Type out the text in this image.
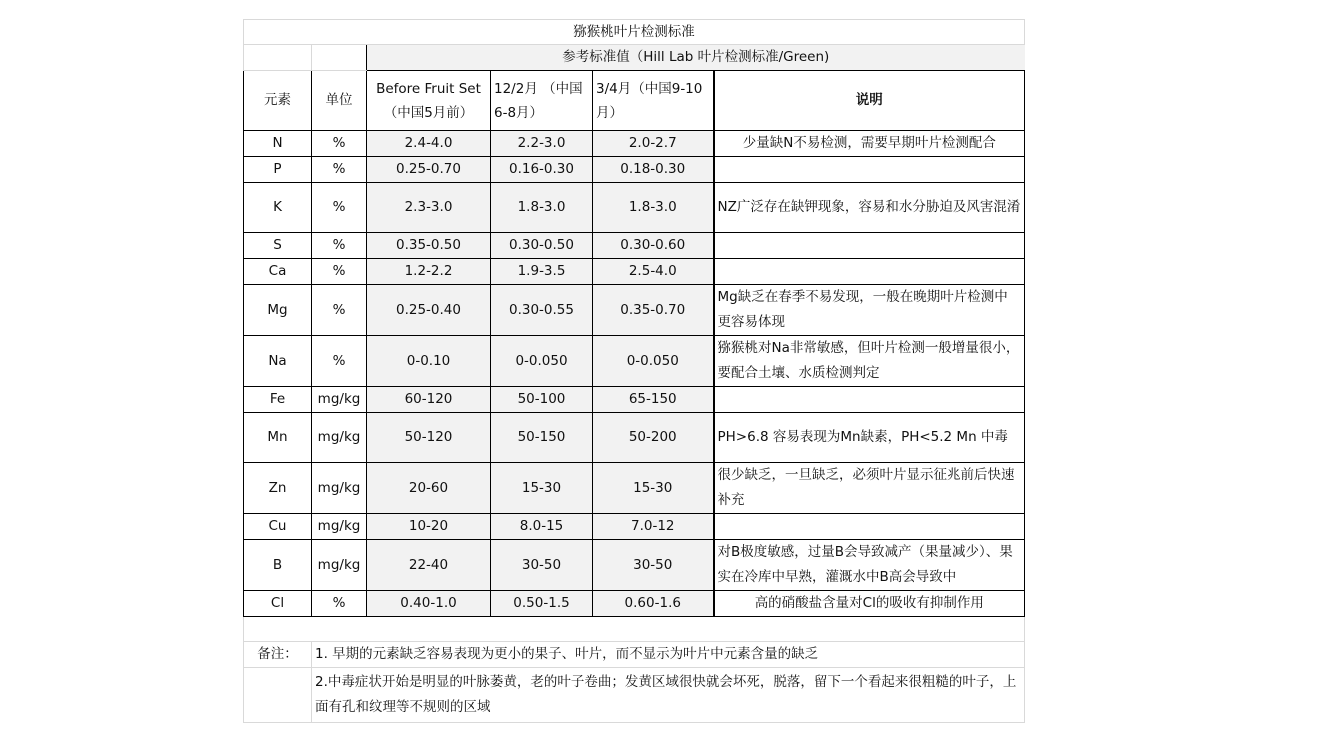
猕猴桃叶片检测标准					
		参考标准值（Hill Lab 叶片检测标准/Green)			
元素	单位	Before Fruit Set（中国5月前）	12/2月 （中国6-8月）	3/4月（中国9-10月）	说明
N	%	2.4-4.0	2.2-3.0	2.0-2.7	少量缺N不易检测，需要早期叶片检测配合
P	%	0.25-0.70	0.16-0.30	0.18-0.30	
K	%	2.3-3.0	1.8-3.0	1.8-3.0	NZ广泛存在缺钾现象，容易和水分胁迫及风害混淆
S	%	0.35-0.50	0.30-0.50	0.30-0.60	
Ca	%	1.2-2.2	1.9-3.5	2.5-4.0	
Mg	%	0.25-0.40	0.30-0.55	0.35-0.70	Mg缺乏在春季不易发现，一般在晚期叶片检测中更容易体现
Na	%	0-0.10	0-0.050	0-0.050	猕猴桃对Na非常敏感，但叶片检测一般增量很小，要配合土壤、水质检测判定
Fe	mg/kg	60-120	50-100	65-150	
Mn	mg/kg	50-120	50-150	50-200	PH>6.8 容易表现为Mn缺素，PH<5.2 Mn 中毒
Zn	mg/kg	20-60	15-30	15-30	很少缺乏，一旦缺乏，必须叶片显示征兆前后快速补充
Cu	mg/kg	10-20	8.0-15	7.0-12	
B	mg/kg	22-40	30-50	30-50	对B极度敏感，过量B会导致减产（果量减少）、果实在冷库中早熟，灌溉水中B高会导致中
Cl	%	0.40-1.0	0.50-1.5	0.60-1.6	高的硝酸盐含量对Cl的吸收有抑制作用

备注：	1. 早期的元素缺乏容易表现为更小的果子、叶片，而不显示为叶片中元素含量的缺乏				
	2.中毒症状开始是明显的叶脉萎黄，老的叶子卷曲；发黄区域很快就会坏死，脱落，留下一个看起来很粗糙的叶子，上面有孔和纹理等不规则的区域				
